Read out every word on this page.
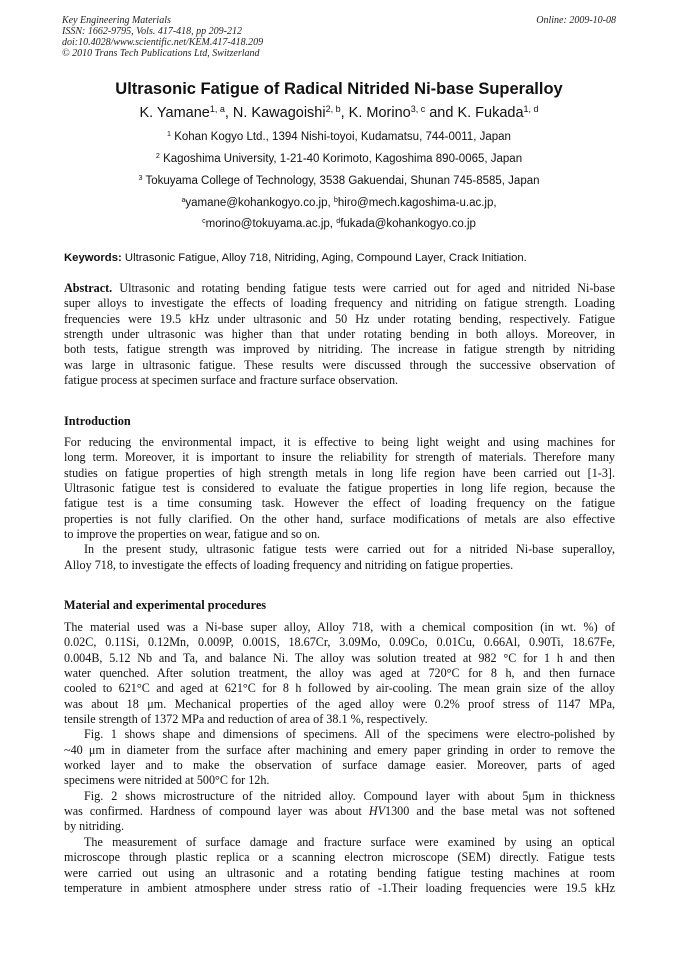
Key Engineering Materials
ISSN: 1662-9795, Vols. 417-418, pp 209-212
doi:10.4028/www.scientific.net/KEM.417-418.209
© 2010 Trans Tech Publications Ltd, Switzerland
Online: 2009-10-08
Ultrasonic Fatigue of Radical Nitrided Ni-base Superalloy
K. Yamane$^{1, a}$, N. Kawagoishi$^{2, b}$, K. Morino$^{3, c}$ and K. Fukada$^{1, d}$
$^1$ Kohan Kogyo Ltd., 1394 Nishi-toyoi, Kudamatsu, 744-0011, Japan
$^2$ Kagoshima University, 1-21-40 Korimoto, Kagoshima 890-0065, Japan
$^3$ Tokuyama College of Technology, 3538 Gakuendai, Shunan 745-8585, Japan
$^a$yamane@kohankogyo.co.jp, $^b$hiro@mech.kagoshima-u.ac.jp,
$^c$morino@tokuyama.ac.jp, $^d$fukada@kohankogyo.co.jp
Keywords: Ultrasonic Fatigue, Alloy 718, Nitriding, Aging, Compound Layer, Crack Initiation.
Abstract. Ultrasonic and rotating bending fatigue tests were carried out for aged and nitrided Ni-base
super alloys to investigate the effects of loading frequency and nitriding on fatigue strength. Loading
frequencies were 19.5 kHz under ultrasonic and 50 Hz under rotating bending, respectively. Fatigue
strength under ultrasonic was higher than that under rotating bending in both alloys. Moreover, in
both tests, fatigue strength was improved by nitriding. The increase in fatigue strength by nitriding
was large in ultrasonic fatigue. These results were discussed through the successive observation of
fatigue process at specimen surface and fracture surface observation.
Introduction
For reducing the environmental impact, it is effective to being light weight and using machines for
long term. Moreover, it is important to insure the reliability for strength of materials. Therefore many
studies on fatigue properties of high strength metals in long life region have been carried out [1-3].
Ultrasonic fatigue test is considered to evaluate the fatigue properties in long life region, because the
fatigue test is a time consuming task. However the effect of loading frequency on the fatigue
properties is not fully clarified. On the other hand, surface modifications of metals are also effective
to improve the properties on wear, fatigue and so on.
In the present study, ultrasonic fatigue tests were carried out for a nitrided Ni-base superalloy,
Alloy 718, to investigate the effects of loading frequency and nitriding on fatigue properties.
Material and experimental procedures
The material used was a Ni-base super alloy, Alloy 718, with a chemical composition (in wt. %) of
0.02C, 0.11Si, 0.12Mn, 0.009P, 0.001S, 18.67Cr, 3.09Mo, 0.09Co, 0.01Cu, 0.66Al, 0.90Ti, 18.67Fe,
0.004B, 5.12 Nb and Ta, and balance Ni. The alloy was solution treated at 982 °C for 1 h and then
water quenched. After solution treatment, the alloy was aged at 720°C for 8 h, and then furnace
cooled to 621°C and aged at 621°C for 8 h followed by air-cooling. The mean grain size of the alloy
was about 18 μm. Mechanical properties of the aged alloy were 0.2% proof stress of 1147 MPa,
tensile strength of 1372 MPa and reduction of area of 38.1 %, respectively.
Fig. 1 shows shape and dimensions of specimens. All of the specimens were electro-polished by
~40 μm in diameter from the surface after machining and emery paper grinding in order to remove the
worked layer and to make the observation of surface damage easier. Moreover, parts of aged
specimens were nitrided at 500°C for 12h.
Fig. 2 shows microstructure of the nitrided alloy. Compound layer with about 5μm in thickness
was confirmed. Hardness of compound layer was about HV1300 and the base metal was not softened
by nitriding.
The measurement of surface damage and fracture surface were examined by using an optical
microscope through plastic replica or a scanning electron microscope (SEM) directly. Fatigue tests
were carried out using an ultrasonic and a rotating bending fatigue testing machines at room
temperature in ambient atmosphere under stress ratio of -1.Their loading frequencies were 19.5 kHz
